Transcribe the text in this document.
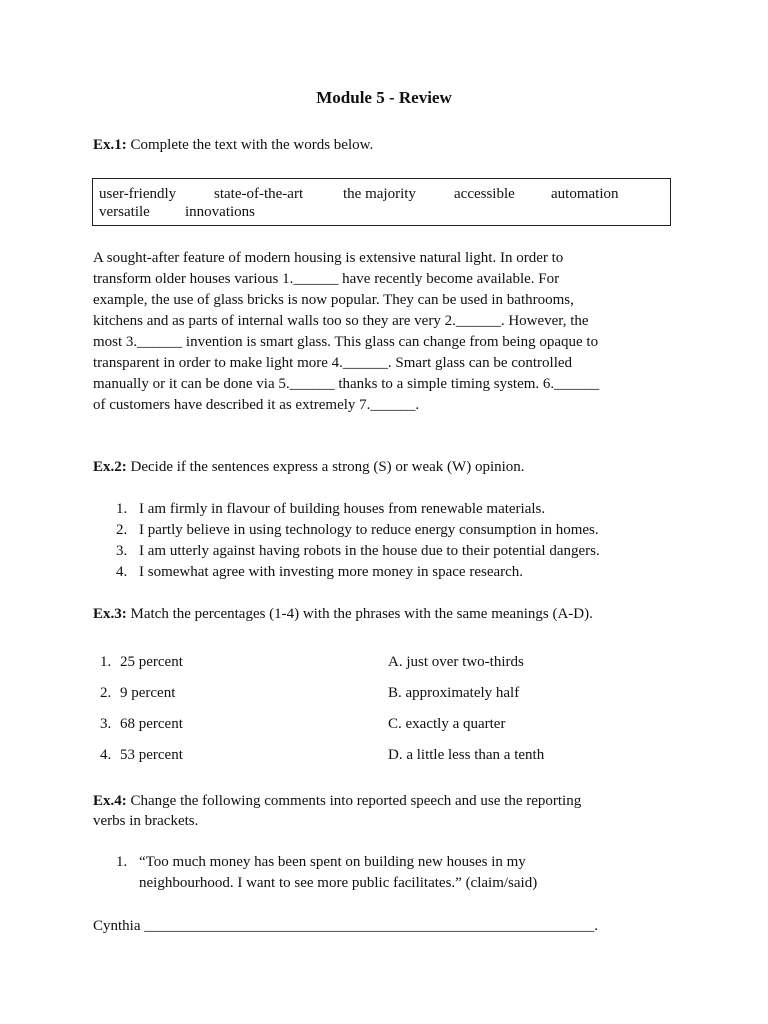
Module 5 - Review
Ex.1: Complete the text with the words below.
user-friendly	state-of-the-art	the majority	accessible automation
versatile innovations
A sought-after feature of modern housing is extensive natural light. In order to
transform older houses various 1.______ have recently become available. For
example, the use of glass bricks is now popular. They can be used in bathrooms,
kitchens and as parts of internal walls too so they are very 2.______. However, the
most 3.______ invention is smart glass. This glass can change from being opaque to
transparent in order to make light more 4.______. Smart glass can be controlled
manually or it can be done via 5.______ thanks to a simple timing system. 6.______
of customers have described it as extremely 7.______.
Ex.2: Decide if the sentences express a strong (S) or weak (W) opinion.
1. I am firmly in flavour of building houses from renewable materials.
2. I partly believe in using technology to reduce energy consumption in homes.
3. I am utterly against having robots in the house due to their potential dangers.
4. I somewhat agree with investing more money in space research.
Ex.3: Match the percentages (1-4) with the phrases with the same meanings (A-D).
1. 25 percent	A. just over two-thirds
2. 9 percent	B. approximately half
3. 68 percent	C. exactly a quarter
4. 53 percent	D. a little less than a tenth
Ex.4: Change the following comments into reported speech and use the reporting
verbs in brackets.
1. “Too much money has been spent on building new houses in my
neighbourhood. I want to see more public facilitates.” (claim/said)
Cynthia ____________________________________________________________.
